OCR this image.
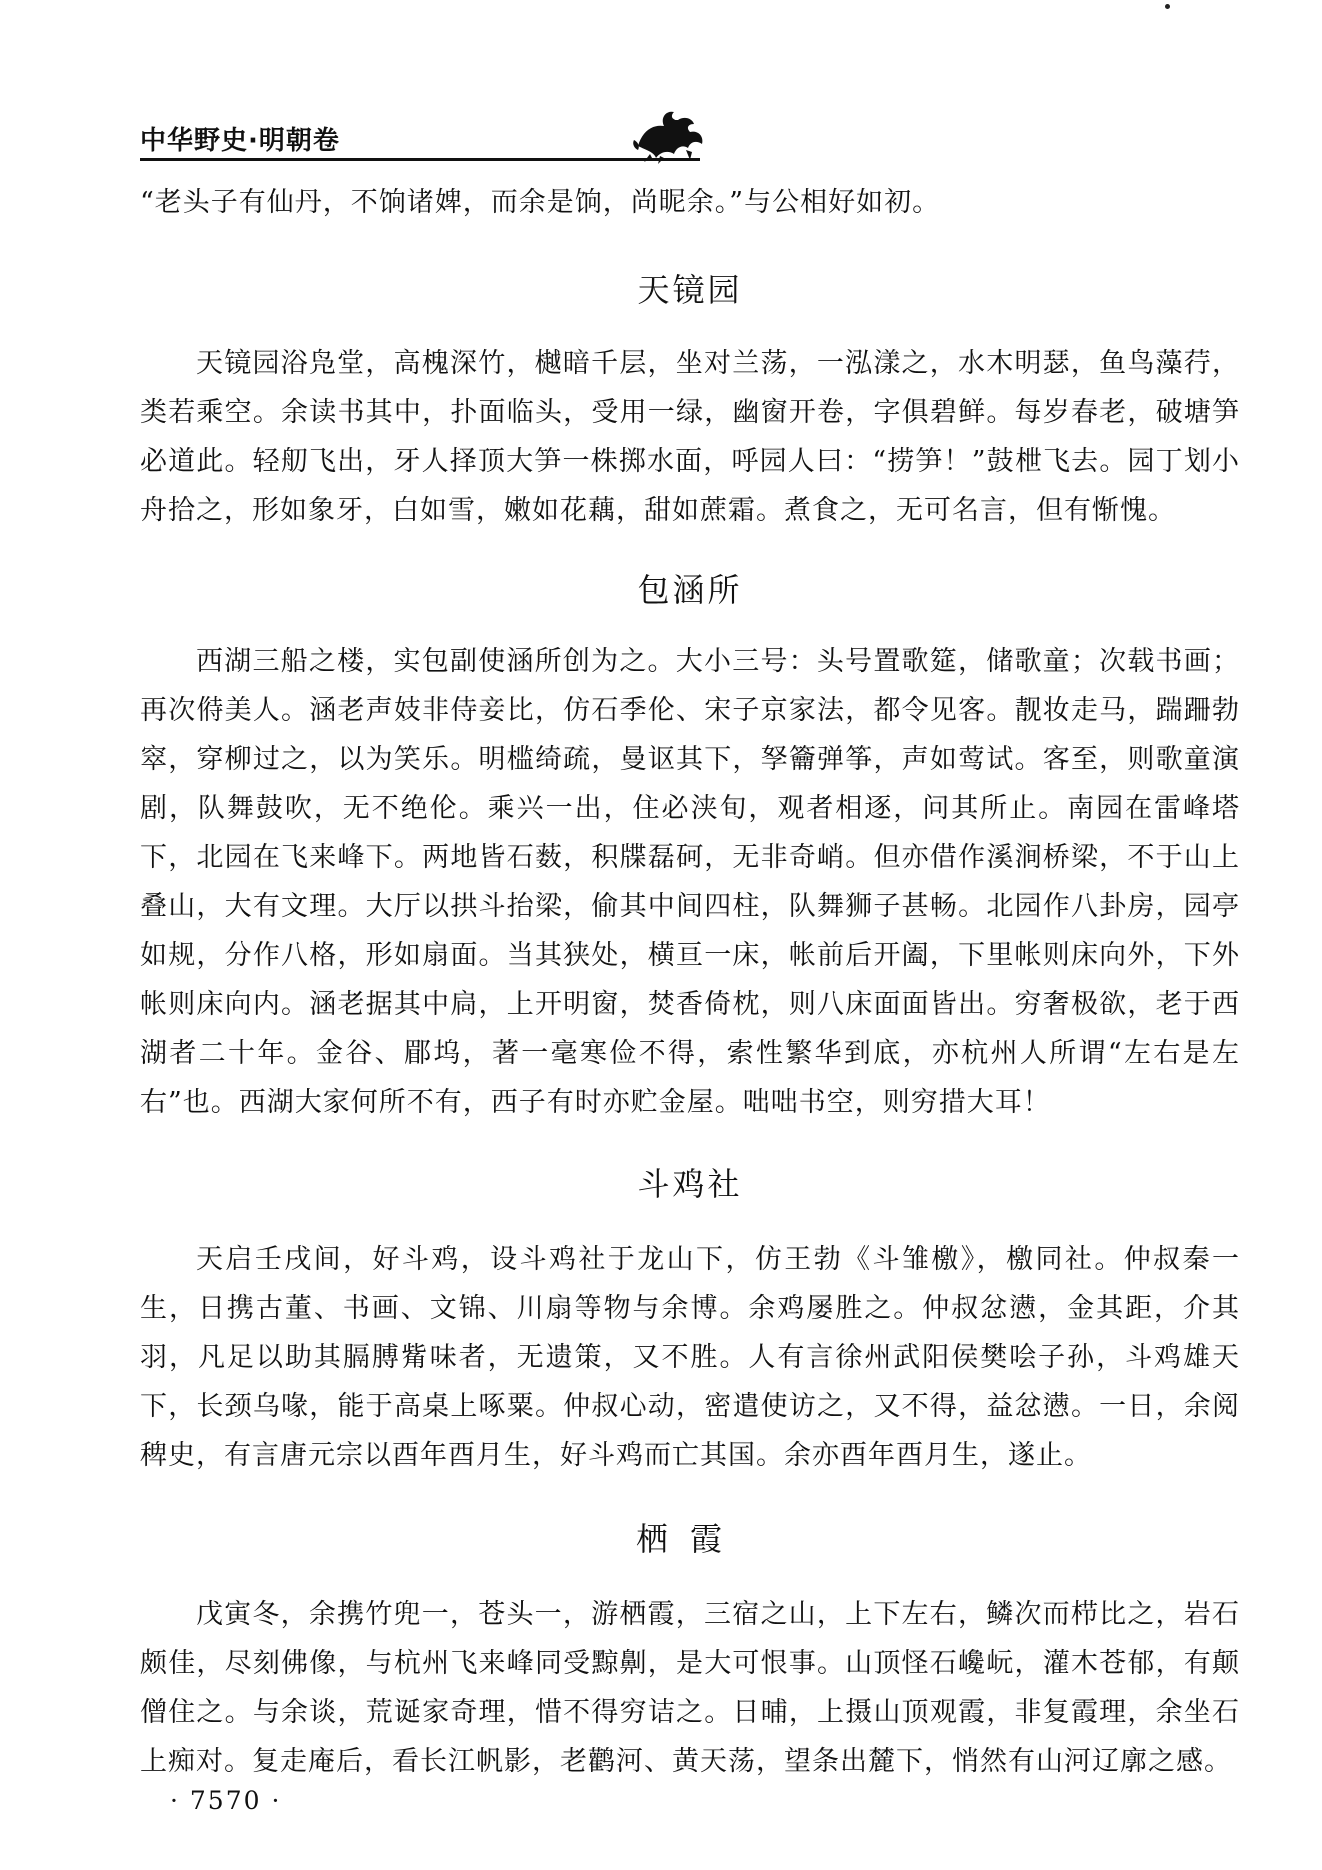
中华野史·明朝卷

“老头子有仙丹，不饷诸婢，而余是饷，尚昵余。”与公相好如初。

天镜园

天镜园浴凫堂，高槐深竹，樾暗千层，坐对兰荡，一泓漾之，水木明瑟，鱼鸟藻荇，类若乘空。余读书其中，扑面临头，受用一绿，幽窗开卷，字俱碧鲜。每岁春老，破塘笋必道此。轻舠飞出，牙人择顶大笋一株掷水面，呼园人曰：“捞笋！”鼓枻飞去。园丁划小舟拾之，形如象牙，白如雪，嫩如花藕，甜如蔗霜。煮食之，无可名言，但有惭愧。

包涵所

西湖三船之楼，实包副使涵所创为之。大小三号：头号置歌筵，储歌童；次载书画；再次偫美人。涵老声妓非侍妾比，仿石季伦、宋子京家法，都令见客。靓妆走马，踹跚勃窣，穿柳过之，以为笑乐。明槛绮疏，曼讴其下，孥籥弹筝，声如莺试。客至，则歌童演剧，队舞鼓吹，无不绝伦。乘兴一出，住必浃旬，观者相逐，问其所止。南园在雷峰塔下，北园在飞来峰下。两地皆石薮，积牒磊砢，无非奇峭。但亦借作溪涧桥梁，不于山上叠山，大有文理。大厅以拱斗抬梁，偷其中间四柱，队舞狮子甚畅。北园作八卦房，园亭如规，分作八格，形如扇面。当其狭处，横亘一床，帐前后开阖，下里帐则床向外，下外帐则床向内。涵老据其中扃，上开明窗，焚香倚枕，则八床面面皆出。穷奢极欲，老于西湖者二十年。金谷、郿坞，著一毫寒俭不得，索性繁华到底，亦杭州人所谓“左右是左右”也。西湖大家何所不有，西子有时亦贮金屋。咄咄书空，则穷措大耳！

斗鸡社

天启壬戌间，好斗鸡，设斗鸡社于龙山下，仿王勃《斗雏檄》，檄同社。仲叔秦一生，日携古董、书画、文锦、川扇等物与余博。余鸡屡胜之。仲叔忿懑，金其距，介其羽，凡足以助其膈膊觜味者，无遗策，又不胜。人有言徐州武阳侯樊哙子孙，斗鸡雄天下，长颈乌喙，能于高桌上啄粟。仲叔心动，密遣使访之，又不得，益忿懑。一日，余阅稗史，有言唐元宗以酉年酉月生，好斗鸡而亡其国。余亦酉年酉月生，遂止。

栖霞

戊寅冬，余携竹兜一，苍头一，游栖霞，三宿之山，上下左右，鳞次而栉比之，岩石颇佳，尽刻佛像，与杭州飞来峰同受黥劓，是大可恨事。山顶怪石巉岏，灌木苍郁，有颠僧住之。与余谈，荒诞家奇理，惜不得穷诘之。日晡，上摄山顶观霞，非复霞理，余坐石上痴对。复走庵后，看长江帆影，老鹳河、黄天荡，望条出麓下，悄然有山河辽廓之感。

· 7570 ·
